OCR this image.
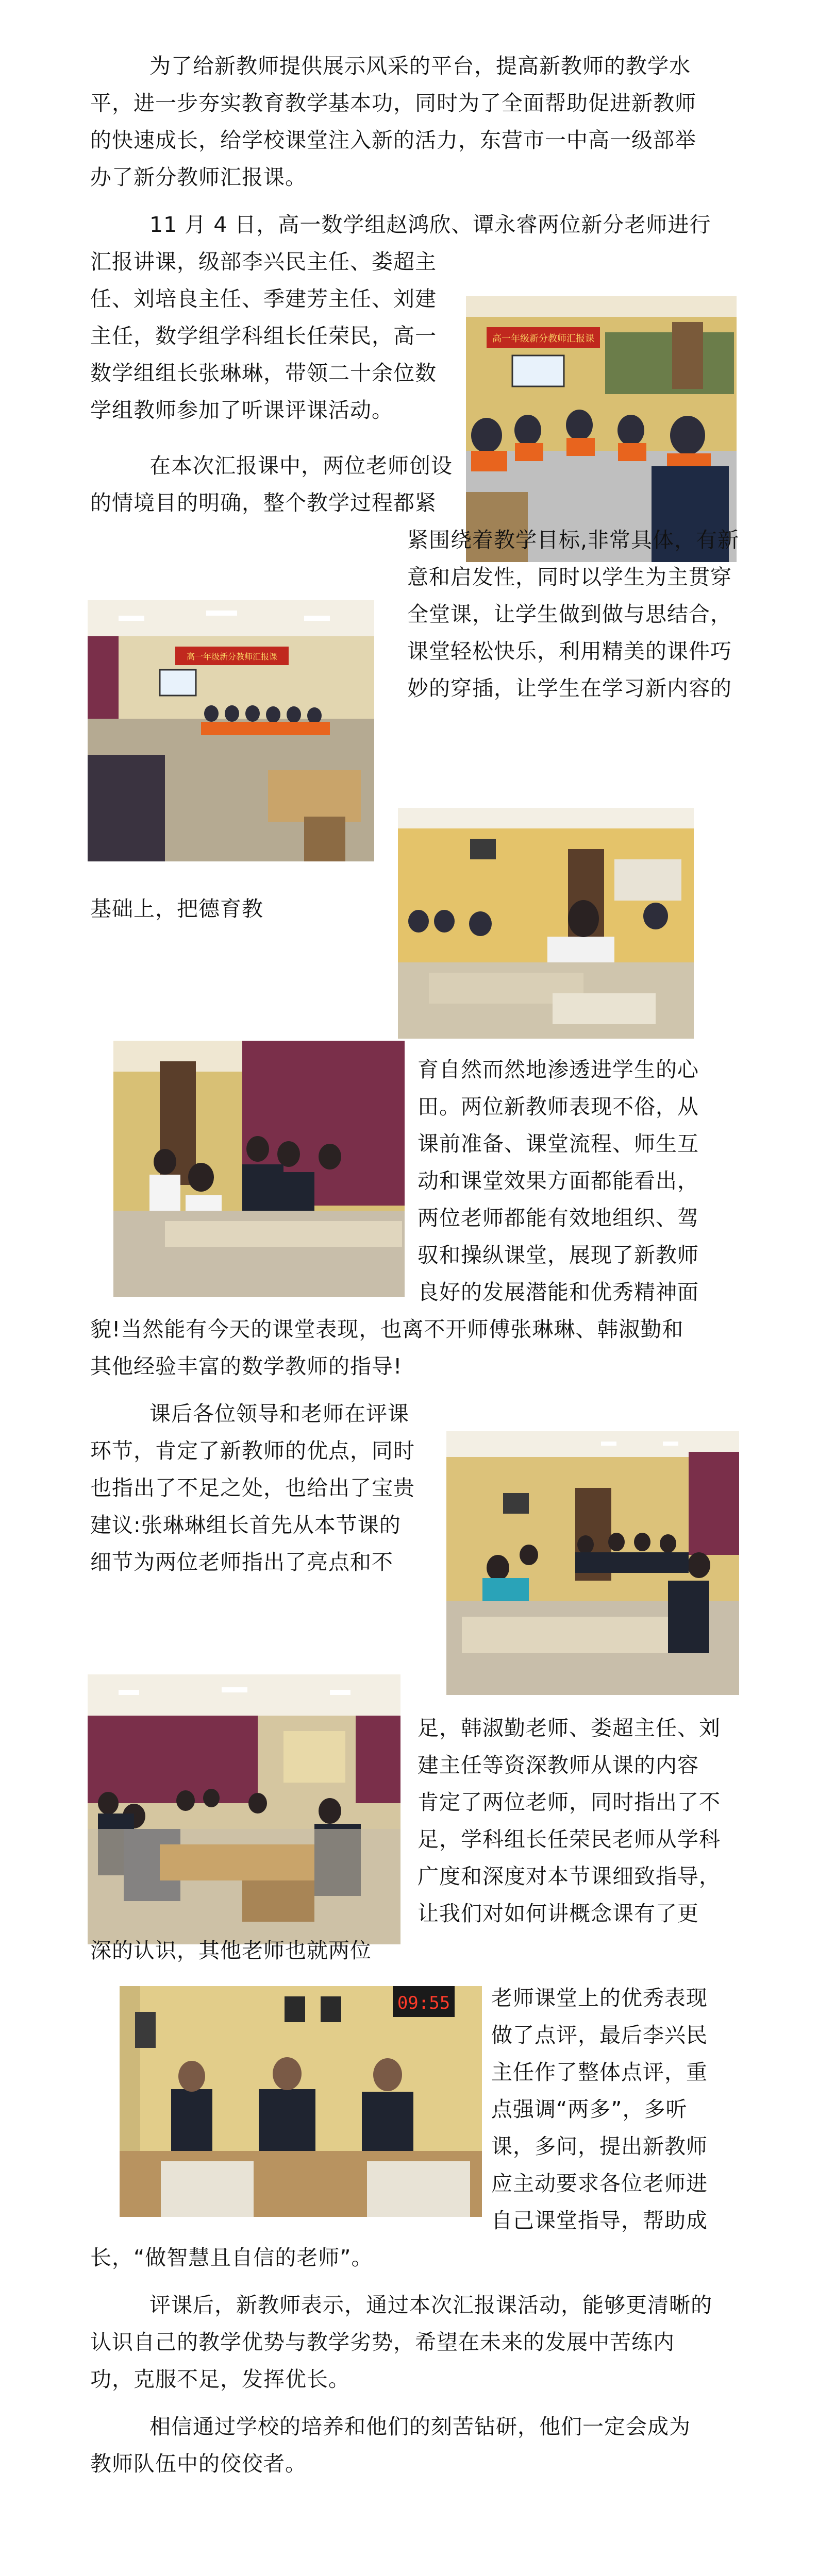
为了给新教师提供展示风采的平台，提高新教师的教学水

平，进一步夯实教育教学基本功，同时为了全面帮助促进新教师

的快速成长，给学校课堂注入新的活力，东营市一中高一级部举

办了新分教师汇报课。

11 月 4 日，高一数学组赵鸿欣、谭永睿两位新分老师进行

汇报讲课，级部李兴民主任、娄超主

任、刘培良主任、季建芳主任、刘建

主任，数学组学科组长任荣民，高一

数学组组长张琳琳，带领二十余位数

学组教师参加了听课评课活动。

高一年级新分教师汇报课

在本次汇报课中，两位老师创设

的情境目的明确，整个教学过程都紧

紧围绕着教学目标,非常具体，有新

意和启发性，同时以学生为主贯穿

全堂课，让学生做到做与思结合，

课堂轻松快乐，利用精美的课件巧

妙的穿插，让学生在学习新内容的

高一年级新分教师汇报课

基础上，把德育教

育自然而然地渗透进学生的心

田。两位新教师表现不俗，从

课前准备、课堂流程、师生互

动和课堂效果方面都能看出，

两位老师都能有效地组织、驾

驭和操纵课堂，展现了新教师

良好的发展潜能和优秀精神面

貌!当然能有今天的课堂表现，也离不开师傅张琳琳、韩淑勤和

其他经验丰富的数学教师的指导!

课后各位领导和老师在评课

环节，肯定了新教师的优点，同时

也指出了不足之处，也给出了宝贵

建议:张琳琳组长首先从本节课的

细节为两位老师指出了亮点和不

足，韩淑勤老师、娄超主任、刘

建主任等资深教师从课的内容

肯定了两位老师，同时指出了不

足，学科组长任荣民老师从学科

广度和深度对本节课细致指导，

让我们对如何讲概念课有了更

深的认识，其他老师也就两位

09:55 老师课堂上的优秀表现

做了点评，最后李兴民

主任作了整体点评，重

点强调“两多”，多听

课，多问，提出新教师

应主动要求各位老师进

自己课堂指导，帮助成

长，“做智慧且自信的老师”。

评课后，新教师表示，通过本次汇报课活动，能够更清晰的

认识自己的教学优势与教学劣势，希望在未来的发展中苦练内

功，克服不足，发挥优长。

相信通过学校的培养和他们的刻苦钻研，他们一定会成为

教师队伍中的佼佼者。
